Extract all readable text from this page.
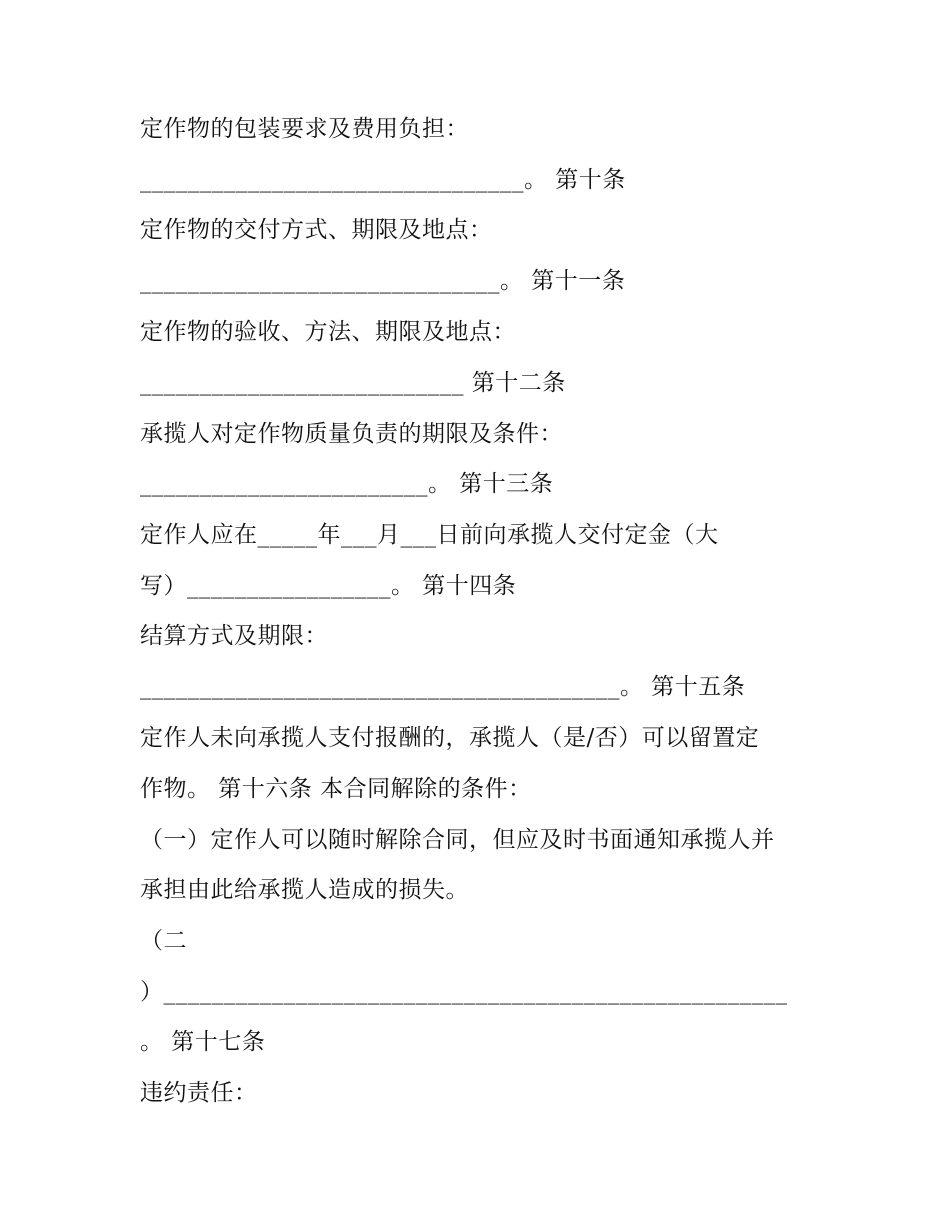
定作物的包装要求及费用负担：
________________________________。 第十条
定作物的交付方式、期限及地点：
______________________________。 第十一条
定作物的验收、方法、期限及地点：
___________________________ 第十二条
承揽人对定作物质量负责的期限及条件：
________________________。 第十三条
定作人应在_____年___月___日前向承揽人交付定金（大
写）_________________。 第十四条
结算方式及期限：
________________________________________。 第十五条
定作人未向承揽人支付报酬的，承揽人（是/否）可以留置定
作物。 第十六条 本合同解除的条件：
（一）定作人可以随时解除合同，但应及时书面通知承揽人并
承担由此给承揽人造成的损失。
（二
）____________________________________________________
。 第十七条
违约责任：
